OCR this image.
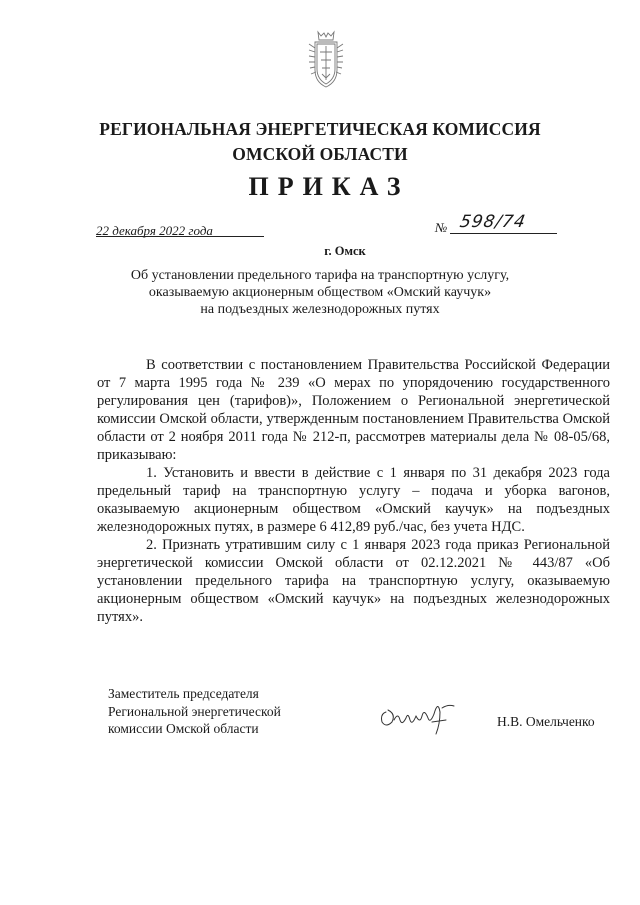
РЕГИОНАЛЬНАЯ ЭНЕРГЕТИЧЕСКАЯ КОМИССИЯ
ОМСКОЙ ОБЛАСТИ
ПРИКАЗ
22 декабря 2022 года	№ 598/74
г. Омск
Об установлении предельного тарифа на транспортную услугу,
оказываемую акционерным обществом «Омский каучук»
на подъездных железнодорожных путях

В соответствии с постановлением Правительства Российской Федерации от 7 марта 1995 года № 239 «О мерах по упорядочению государственного регулирования цен (тарифов)», Положением о Региональной энергетической комиссии Омской области, утвержденным постановлением Правительства Омской области от 2 ноября 2011 года № 212-п, рассмотрев материалы дела № 08-05/68, приказываю:

1. Установить и ввести в действие с 1 января по 31 декабря 2023 года предельный тариф на транспортную услугу – подача и уборка вагонов, оказываемую акционерным обществом «Омский каучук» на подъездных железнодорожных путях, в размере 6 412,89 руб./час, без учета НДС.

2. Признать утратившим силу с 1 января 2023 года приказ Региональной энергетической комиссии Омской области от 02.12.2021 № 443/87 «Об установлении предельного тарифа на транспортную услугу, оказываемую акционерным обществом «Омский каучук» на подъездных железнодорожных путях».

Заместитель председателя
Региональной энергетической
комиссии Омской области	Н.В. Омельченко
